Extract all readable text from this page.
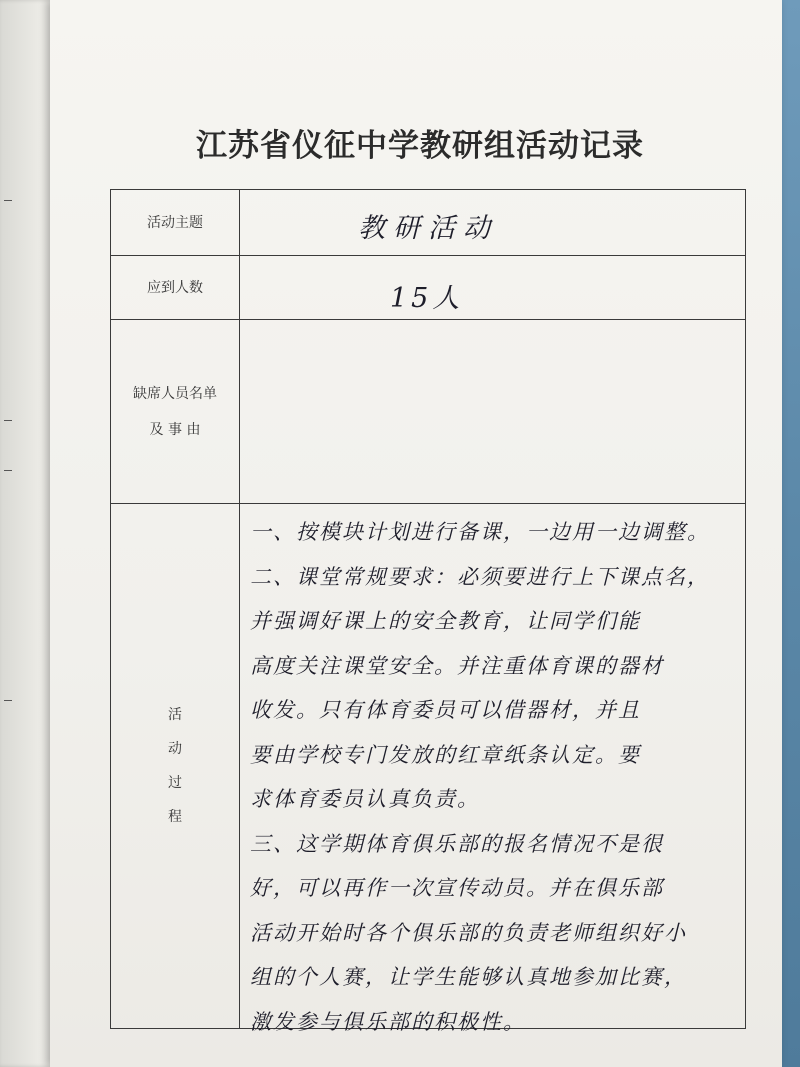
江苏省仪征中学教研组活动记录
活动主题	教研活动
应到人数	15人
缺席人员名单
及 事 由
活
动
过
程
一、按模块计划进行备课，一边用一边调整。
二、课堂常规要求：必须要进行上下课点名，
并强调好课上的安全教育，让同学们能
高度关注课堂安全。并注重体育课的器材
收发。只有体育委员可以借器材，并且
要由学校专门发放的红章纸条认定。要
求体育委员认真负责。
三、这学期体育俱乐部的报名情况不是很
好，可以再作一次宣传动员。并在俱乐部
活动开始时各个俱乐部的负责老师组织好小
组的个人赛，让学生能够认真地参加比赛，
激发参与俱乐部的积极性。
